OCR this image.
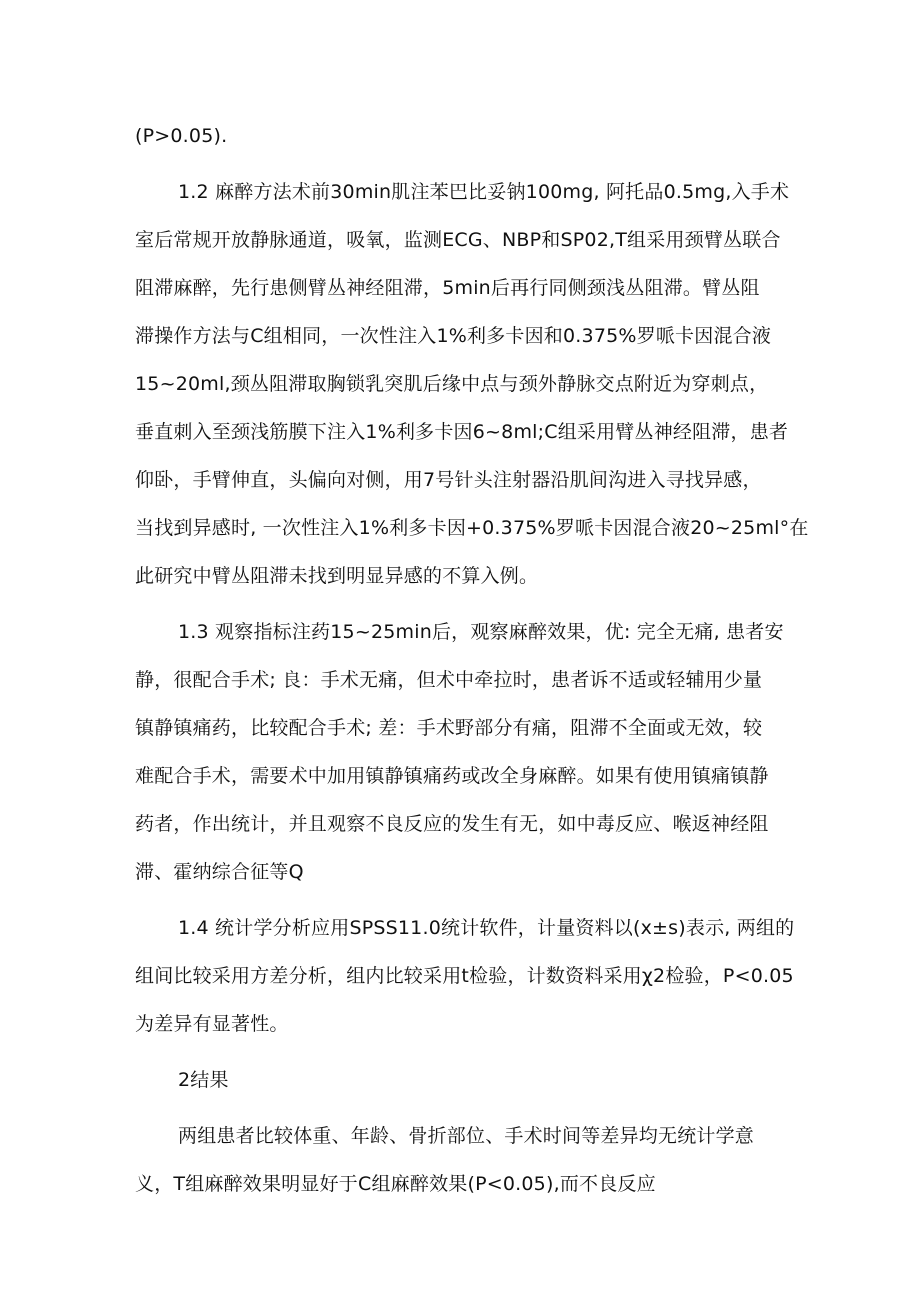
(P>0.05).
1.2 麻醉方法术前30min肌注苯巴比妥钠100mg, 阿托品0.5mg,入手术
室后常规开放静脉通道，吸氧，监测ECG、NBP和SP02,T组采用颈臂丛联合
阻滞麻醉，先行患侧臂丛神经阻滞，5min后再行同侧颈浅丛阻滞。臂丛阻
滞操作方法与C组相同，一次性注入1%利多卡因和0.375%罗哌卡因混合液
15~20ml,颈丛阻滞取胸锁乳突肌后缘中点与颈外静脉交点附近为穿刺点，
垂直刺入至颈浅筋膜下注入1%利多卡因6~8ml;C组采用臂丛神经阻滞，患者
仰卧，手臂伸直，头偏向对侧，用7号针头注射器沿肌间沟进入寻找异感，
当找到异感时, 一次性注入1%利多卡因+0.375%罗哌卡因混合液20~25ml°在
此研究中臂丛阻滞未找到明显异感的不算入例。
1.3 观察指标注药15~25min后，观察麻醉效果，优: 完全无痛, 患者安
静，很配合手术; 良：手术无痛，但术中牵拉时，患者诉不适或轻辅用少量
镇静镇痛药，比较配合手术; 差：手术野部分有痛，阻滞不全面或无效，较
难配合手术，需要术中加用镇静镇痛药或改全身麻醉。如果有使用镇痛镇静
药者，作出统计，并且观察不良反应的发生有无，如中毒反应、喉返神经阻
滞、霍纳综合征等Q
1.4 统计学分析应用SPSS11.0统计软件，计量资料以(x±s)表示, 两组的
组间比较采用方差分析，组内比较采用t检验，计数资料采用χ2检验，P<0.05
为差异有显著性。
2结果
两组患者比较体重、年龄、骨折部位、手术时间等差异均无统计学意
义，T组麻醉效果明显好于C组麻醉效果(P<0.05),而不良反应
